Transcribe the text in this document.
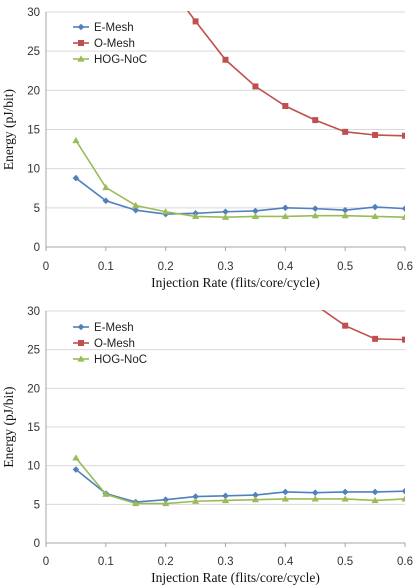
0
5
10
15
20
25
30
0	0.1	0.2	0.3	0.4	0.5	0.6
Injection Rate (flits/core/cycle)
Energy (pJ/bit)
E-Mesh
O-Mesh
HOG-NoC
0
5
10
15
20
25
30
0	0.1	0.2	0.3	0.4	0.5	0.6
Injection Rate (flits/core/cycle)
Energy (pJ/bit)
E-Mesh
O-Mesh
HOG-NoC
